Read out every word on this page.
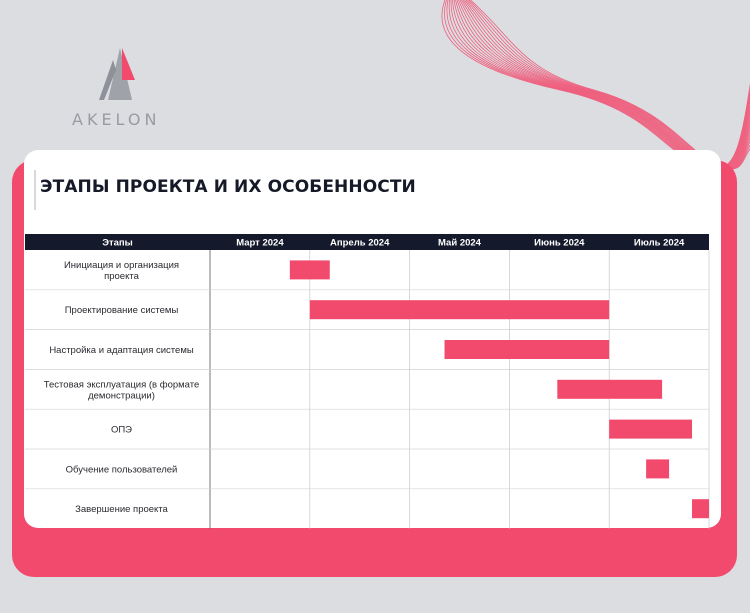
AKELON
ЭТАПЫ ПРОЕКТА И ИХ ОСОБЕННОСТИ
Этапы	Март 2024	Апрель 2024	Май 2024	Июнь 2024	Июль 2024
Инициация и организация
проекта
Проектирование системы
Настройка и адаптация системы
Тестовая эксплуатация (в формате
демонстрации)
ОПЭ
Обучение пользователей
Завершение проекта
